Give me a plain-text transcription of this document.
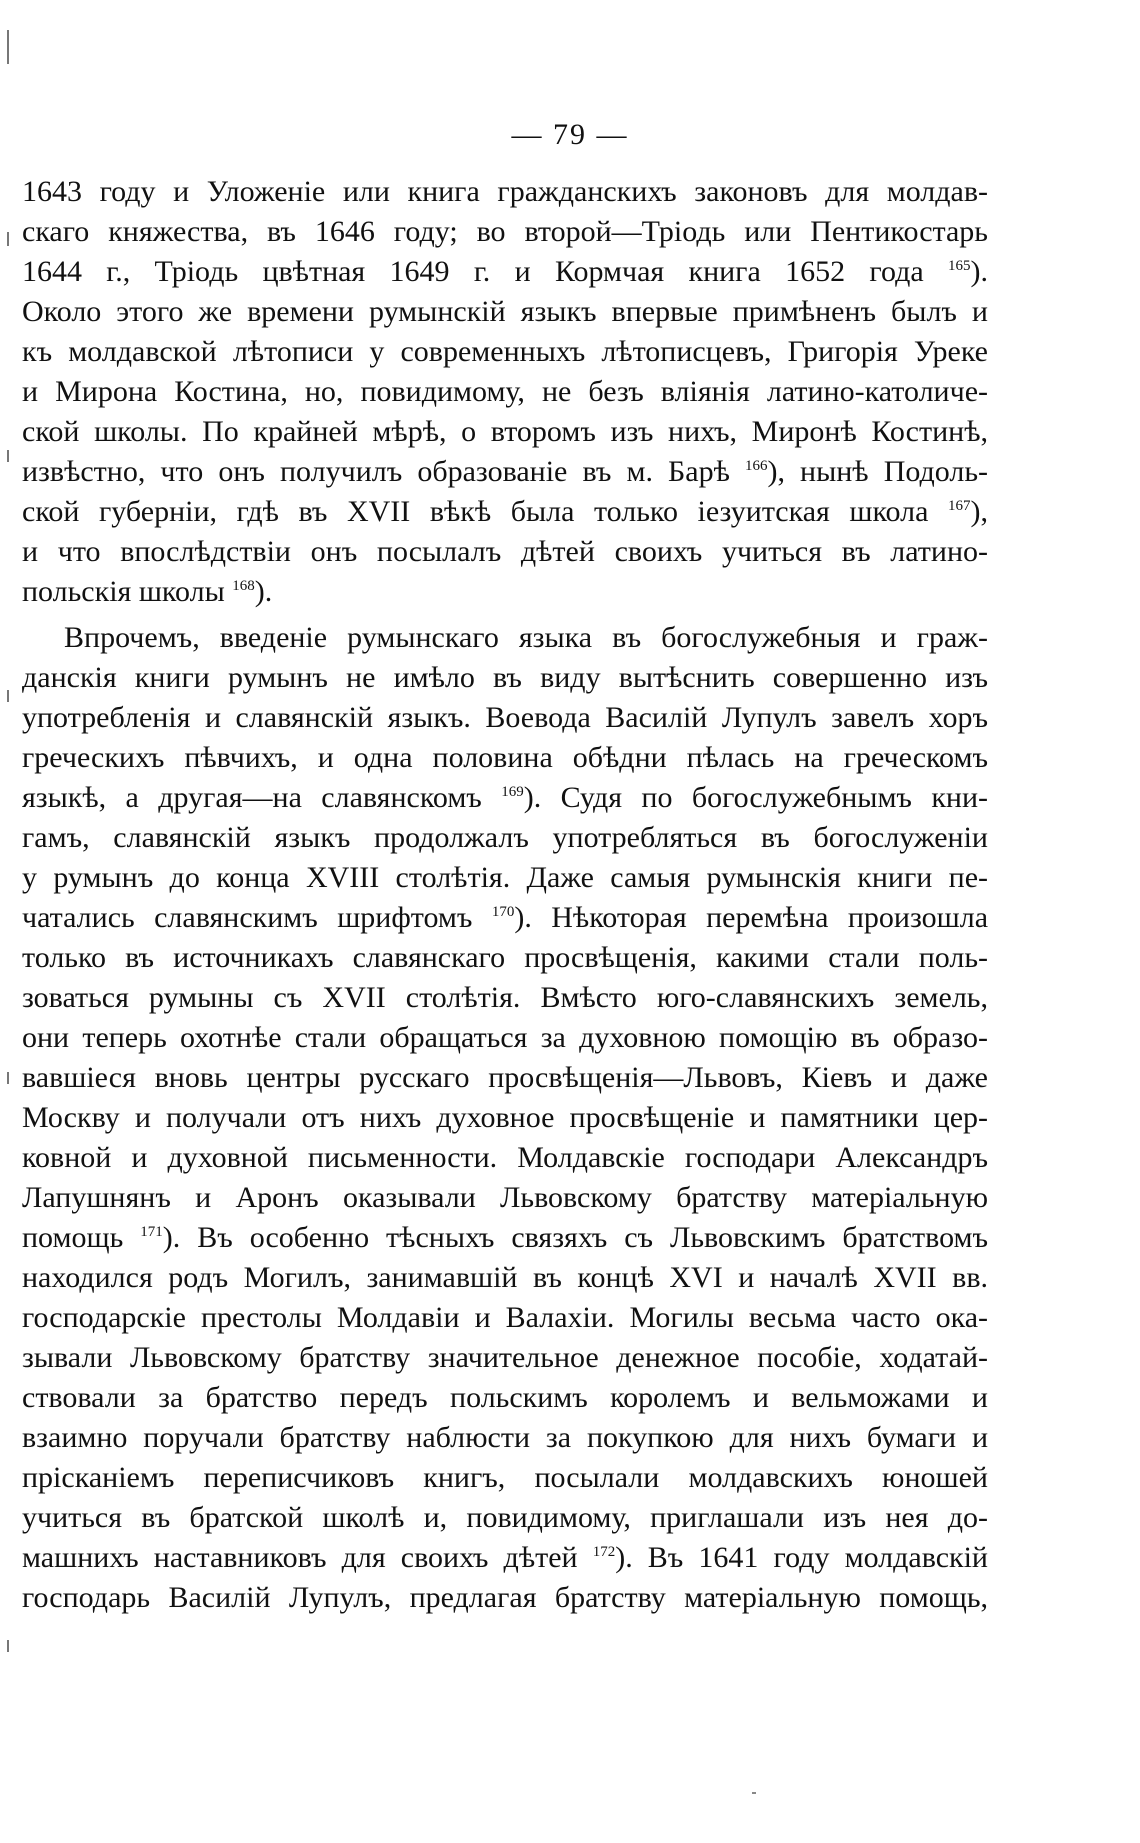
— 79 —
1643 году и Уложеніе или книга гражданскихъ законовъ для молдав-
скаго княжества, въ 1646 году; во второй—Тріодь или Пентикостарь
1644 г., Тріодь цвѣтная 1649 г. и Кормчая книга 1652 года $^{165}$).
Около этого же времени румынскій языкъ впервые примѣненъ былъ и
къ молдавской лѣтописи у современныхъ лѣтописцевъ, Григорія Уреке
и Мирона Костина, но, повидимому, не безъ вліянія латино-католиче-
ской школы. По крайней мѣрѣ, о второмъ изъ нихъ, Миронѣ Костинѣ,
извѣстно, что онъ получилъ образованіе въ м. Барѣ $^{166}$), нынѣ Подоль-
ской губерніи, гдѣ въ XVII вѣкѣ была только іезуитская школа $^{167}$),
и что впослѣдствіи онъ посылалъ дѣтей своихъ учиться въ латино-
польскія школы $^{168}$).
Впрочемъ, введеніе румынскаго языка въ богослужебныя и граж-
данскія книги румынъ не имѣло въ виду вытѣснить совершенно изъ
употребленія и славянскій языкъ. Воевода Василій Лупулъ завелъ хоръ
греческихъ пѣвчихъ, и одна половина обѣдни пѣлась на греческомъ
языкѣ, а другая—на славянскомъ $^{169}$). Судя по богослужебнымъ кни-
гамъ, славянскій языкъ продолжалъ употребляться въ богослуженіи
у румынъ до конца XVIII столѣтія. Даже самыя румынскія книги пе-
чатались славянскимъ шрифтомъ $^{170}$). Нѣкоторая перемѣна произошла
только въ источникахъ славянскаго просвѣщенія, какими стали поль-
зоваться румыны съ XVII столѣтія. Вмѣсто юго-славянскихъ земель,
они теперь охотнѣе стали обращаться за духовною помощію въ образо-
вавшіеся вновь центры русскаго просвѣщенія—Львовъ, Кіевъ и даже
Москву и получали отъ нихъ духовное просвѣщеніе и памятники цер-
ковной и духовной письменности. Молдавскіе господари Александръ
Лапушнянъ и Аронъ оказывали Львовскому братству матеріальную
помощь $^{171}$). Въ особенно тѣсныхъ связяхъ съ Львовскимъ братствомъ
находился родъ Могилъ, занимавшій въ концѣ XVI и началѣ XVII вв.
господарскіе престолы Молдавіи и Валахіи. Могилы весьма часто ока-
зывали Львовскому братству значительное денежное пособіе, ходатай-
ствовали за братство передъ польскимъ королемъ и вельможами и
взаимно поручали братству наблюсти за покупкою для нихъ бумаги и
прісканіемъ переписчиковъ книгъ, посылали молдавскихъ юношей
учиться въ братской школѣ и, повидимому, приглашали изъ нея до-
машнихъ наставниковъ для своихъ дѣтей $^{172}$). Въ 1641 году молдавскій
господарь Василій Лупулъ, предлагая братству матеріальную помощь,
